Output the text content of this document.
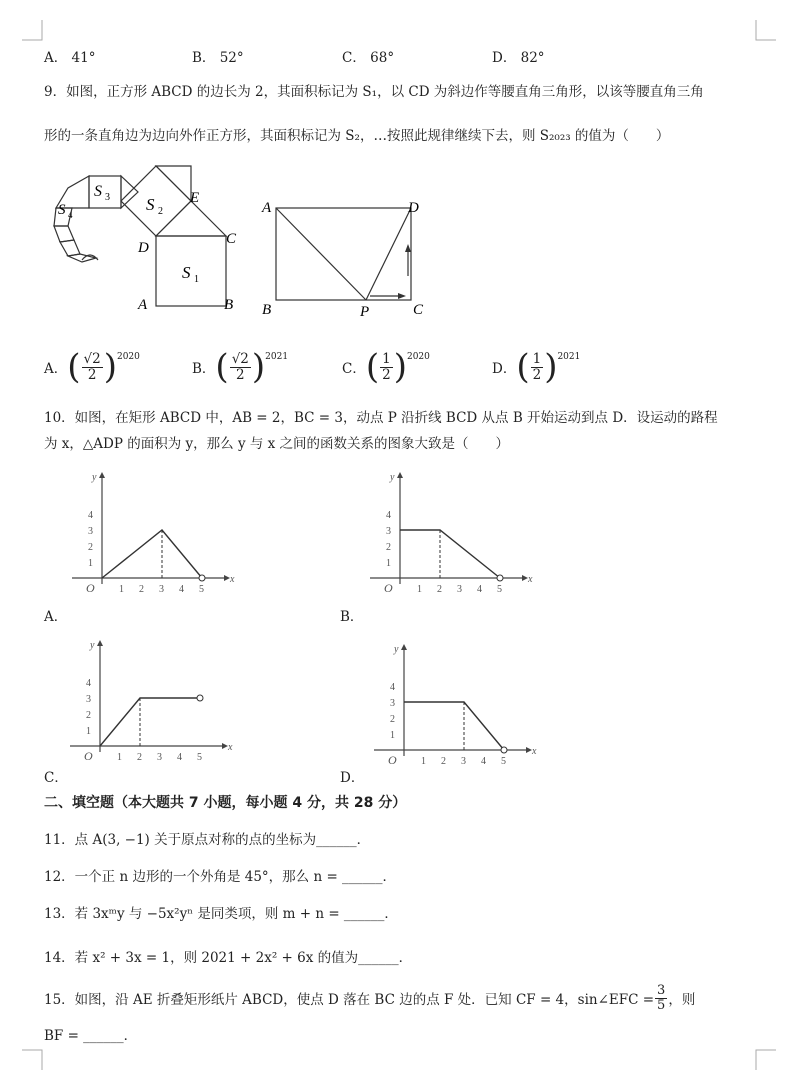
A． 41°	B． 52°	C． 68°	D． 82°
9．如图，正方形 ABCD 的边长为 2，其面积标记为 S₁，以 CD 为斜边作等腰直角三角形，以该等腰直角三角
形的一条直角边为边向外作正方形，其面积标记为 S₂，…按照此规律继续下去，则 S₂₀₂₃ 的值为（　　）
S 1
S 2
S 3
S 4
A	B
C
D
E
A
B	C
D
P
A． ( $\frac{√2}{2} )^{2020}$
B． ( $\frac{√2}{2} )^{2021}$
C． ( $\frac{1}{2} )^{2020}$
D． ( $\frac{1}{2} )^{2021}$
10．如图，在矩形 ABCD 中，AB = 2，BC = 3，动点 P 沿折线 BCD 从点 B 开始运动到点 D．设运动的路程
为 x，△ADP 的面积为 y，那么 y 与 x 之间的函数关系的图象大致是（　　）
x
y
O
4
3
2
1
1 2 3 4 5
x
y
O
4
3
2
1
1 2 3 4 5
x
y
O
4
3
2
1
1 2 3 4 5
x
y
O
4
3
2
1
1 2 3 4 5
A．	B．
C．	D．
二、填空题（本大题共 7 小题，每小题 4 分，共 28 分）
11．点 A(3, −1) 关于原点对称的点的坐标为______．
12．一个正 n 边形的一个外角是 45°，那么 n = ______．
13．若 3xᵐy 与 −5x²yⁿ 是同类项，则 m + n = ______．
14．若 x² + 3x = 1，则 2021 + 2x² + 6x 的值为______．
15．如图，沿 AE 折叠矩形纸片 ABCD，使点 D 落在 BC 边的点 F 处．已知 CF = 4，sin∠EFC = $\frac{3}{5}$ ，则
BF = ______．
